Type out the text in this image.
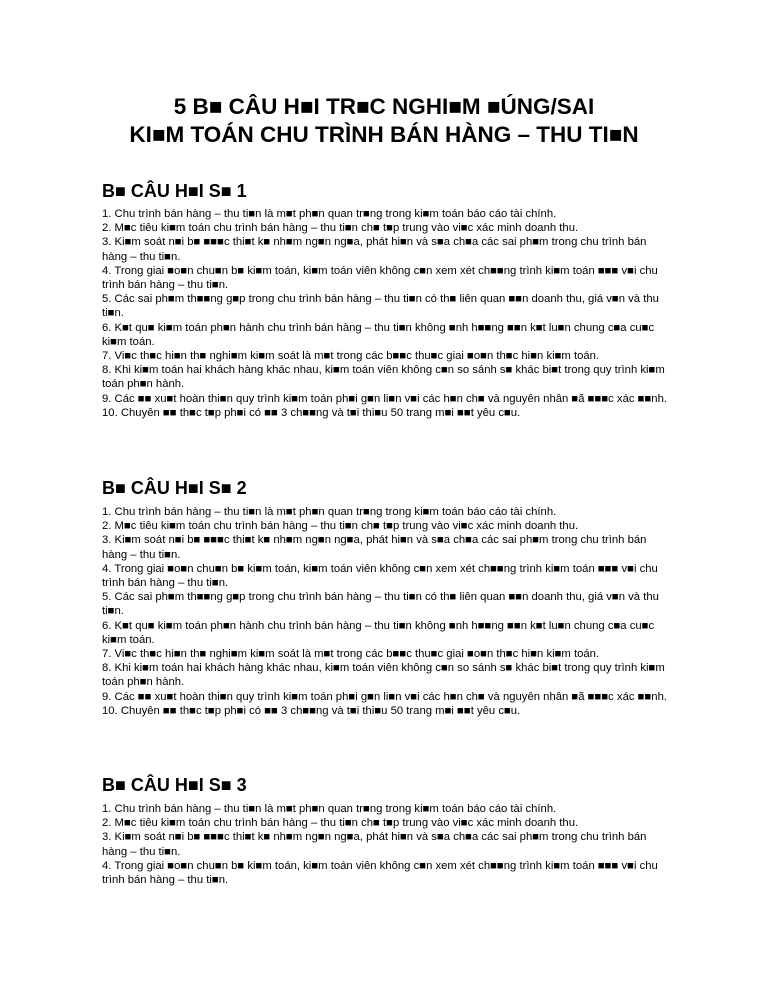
5 B■ CÂU H■I TR■C NGHI■M ■ÚNG/SAI
KI■M TOÁN CHU TRÌNH BÁN HÀNG – THU TI■N
B■ CÂU H■I S■ 1

1. Chu trình bán hàng – thu ti■n là m■t ph■n quan tr■ng trong ki■m toán báo cáo tài chính.

2. M■c tiêu ki■m toán chu trình bán hàng – thu ti■n ch■ t■p trung vào vi■c xác minh doanh thu.

3. Ki■m soát n■i b■ ■■■c thi■t k■ nh■m ng■n ng■a, phát hi■n và s■a ch■a các sai ph■m trong chu trình bán hàng – thu ti■n.

4. Trong giai ■o■n chu■n b■ ki■m toán, ki■m toán viên không c■n xem xét ch■■ng trình ki■m toán ■■■ v■i chu trình bán hàng – thu ti■n.

5. Các sai ph■m th■■ng g■p trong chu trình bán hàng – thu ti■n có th■ liên quan ■■n doanh thu, giá v■n và thu ti■n.

6. K■t qu■ ki■m toán ph■n hành chu trình bán hàng – thu ti■n không ■nh h■■ng ■■n k■t lu■n chung c■a cu■c ki■m toán.

7. Vi■c th■c hi■n th■ nghi■m ki■m soát là m■t trong các b■■c thu■c giai ■o■n th■c hi■n ki■m toán.

8. Khi ki■m toán hai khách hàng khác nhau, ki■m toán viên không c■n so sánh s■ khác bi■t trong quy trình ki■m toán ph■n hành.

9. Các ■■ xu■t hoàn thi■n quy trình ki■m toán ph■i g■n li■n v■i các h■n ch■ và nguyên nhân ■ã ■■■c xác ■■nh.

10. Chuyên ■■ th■c t■p ph■i có ■■ 3 ch■■ng và t■i thi■u 50 trang m■i ■■t yêu c■u.

B■ CÂU H■I S■ 2

1. Chu trình bán hàng – thu ti■n là m■t ph■n quan tr■ng trong ki■m toán báo cáo tài chính.

2. M■c tiêu ki■m toán chu trình bán hàng – thu ti■n ch■ t■p trung vào vi■c xác minh doanh thu.

3. Ki■m soát n■i b■ ■■■c thi■t k■ nh■m ng■n ng■a, phát hi■n và s■a ch■a các sai ph■m trong chu trình bán hàng – thu ti■n.

4. Trong giai ■o■n chu■n b■ ki■m toán, ki■m toán viên không c■n xem xét ch■■ng trình ki■m toán ■■■ v■i chu trình bán hàng – thu ti■n.

5. Các sai ph■m th■■ng g■p trong chu trình bán hàng – thu ti■n có th■ liên quan ■■n doanh thu, giá v■n và thu ti■n.

6. K■t qu■ ki■m toán ph■n hành chu trình bán hàng – thu ti■n không ■nh h■■ng ■■n k■t lu■n chung c■a cu■c ki■m toán.

7. Vi■c th■c hi■n th■ nghi■m ki■m soát là m■t trong các b■■c thu■c giai ■o■n th■c hi■n ki■m toán.

8. Khi ki■m toán hai khách hàng khác nhau, ki■m toán viên không c■n so sánh s■ khác bi■t trong quy trình ki■m toán ph■n hành.

9. Các ■■ xu■t hoàn thi■n quy trình ki■m toán ph■i g■n li■n v■i các h■n ch■ và nguyên nhân ■ã ■■■c xác ■■nh.

10. Chuyên ■■ th■c t■p ph■i có ■■ 3 ch■■ng và t■i thi■u 50 trang m■i ■■t yêu c■u.

B■ CÂU H■I S■ 3

1. Chu trình bán hàng – thu ti■n là m■t ph■n quan tr■ng trong ki■m toán báo cáo tài chính.

2. M■c tiêu ki■m toán chu trình bán hàng – thu ti■n ch■ t■p trung vào vi■c xác minh doanh thu.

3. Ki■m soát n■i b■ ■■■c thi■t k■ nh■m ng■n ng■a, phát hi■n và s■a ch■a các sai ph■m trong chu trình bán hàng – thu ti■n.

4. Trong giai ■o■n chu■n b■ ki■m toán, ki■m toán viên không c■n xem xét ch■■ng trình ki■m toán ■■■ v■i chu trình bán hàng – thu ti■n.
